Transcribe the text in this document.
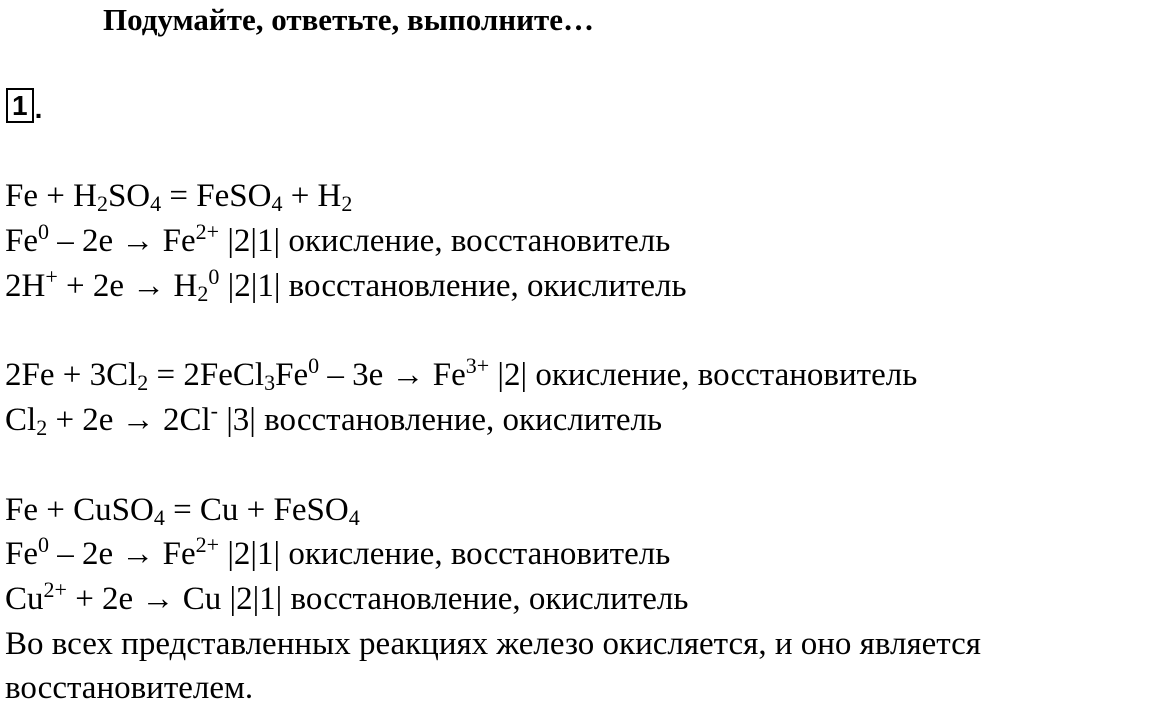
Подумайте, ответьте, выполните…
1 .
$Fe + H_2SO_4$ = FeSO$_4$ + $H_2$
$Fe^0 - 2e \to Fe^{2+}$ |2|1| окисление, восстановитель
$2H^+ + 2e \to H_2^0$ |2|1| восстановление, окислитель
$2Fe + 3Cl_2$ = $2FeCl_3Fe^0 - 3e \to Fe^{3+}$ |2| окисление, восстановитель
$Cl_2 + 2e \to 2Cl^-$ |3| восстановление, окислитель
Fe + CuSO$_4$ = Cu + FeSO$_4$
$Fe^0 - 2e \to Fe^{2+}$ |2|1| окисление, восстановитель
$Cu^{2+} + 2e \to Cu$ |2|1| восстановление, окислитель
Во всех представленных реакциях железо окисляется, и оно является
восстановителем.
